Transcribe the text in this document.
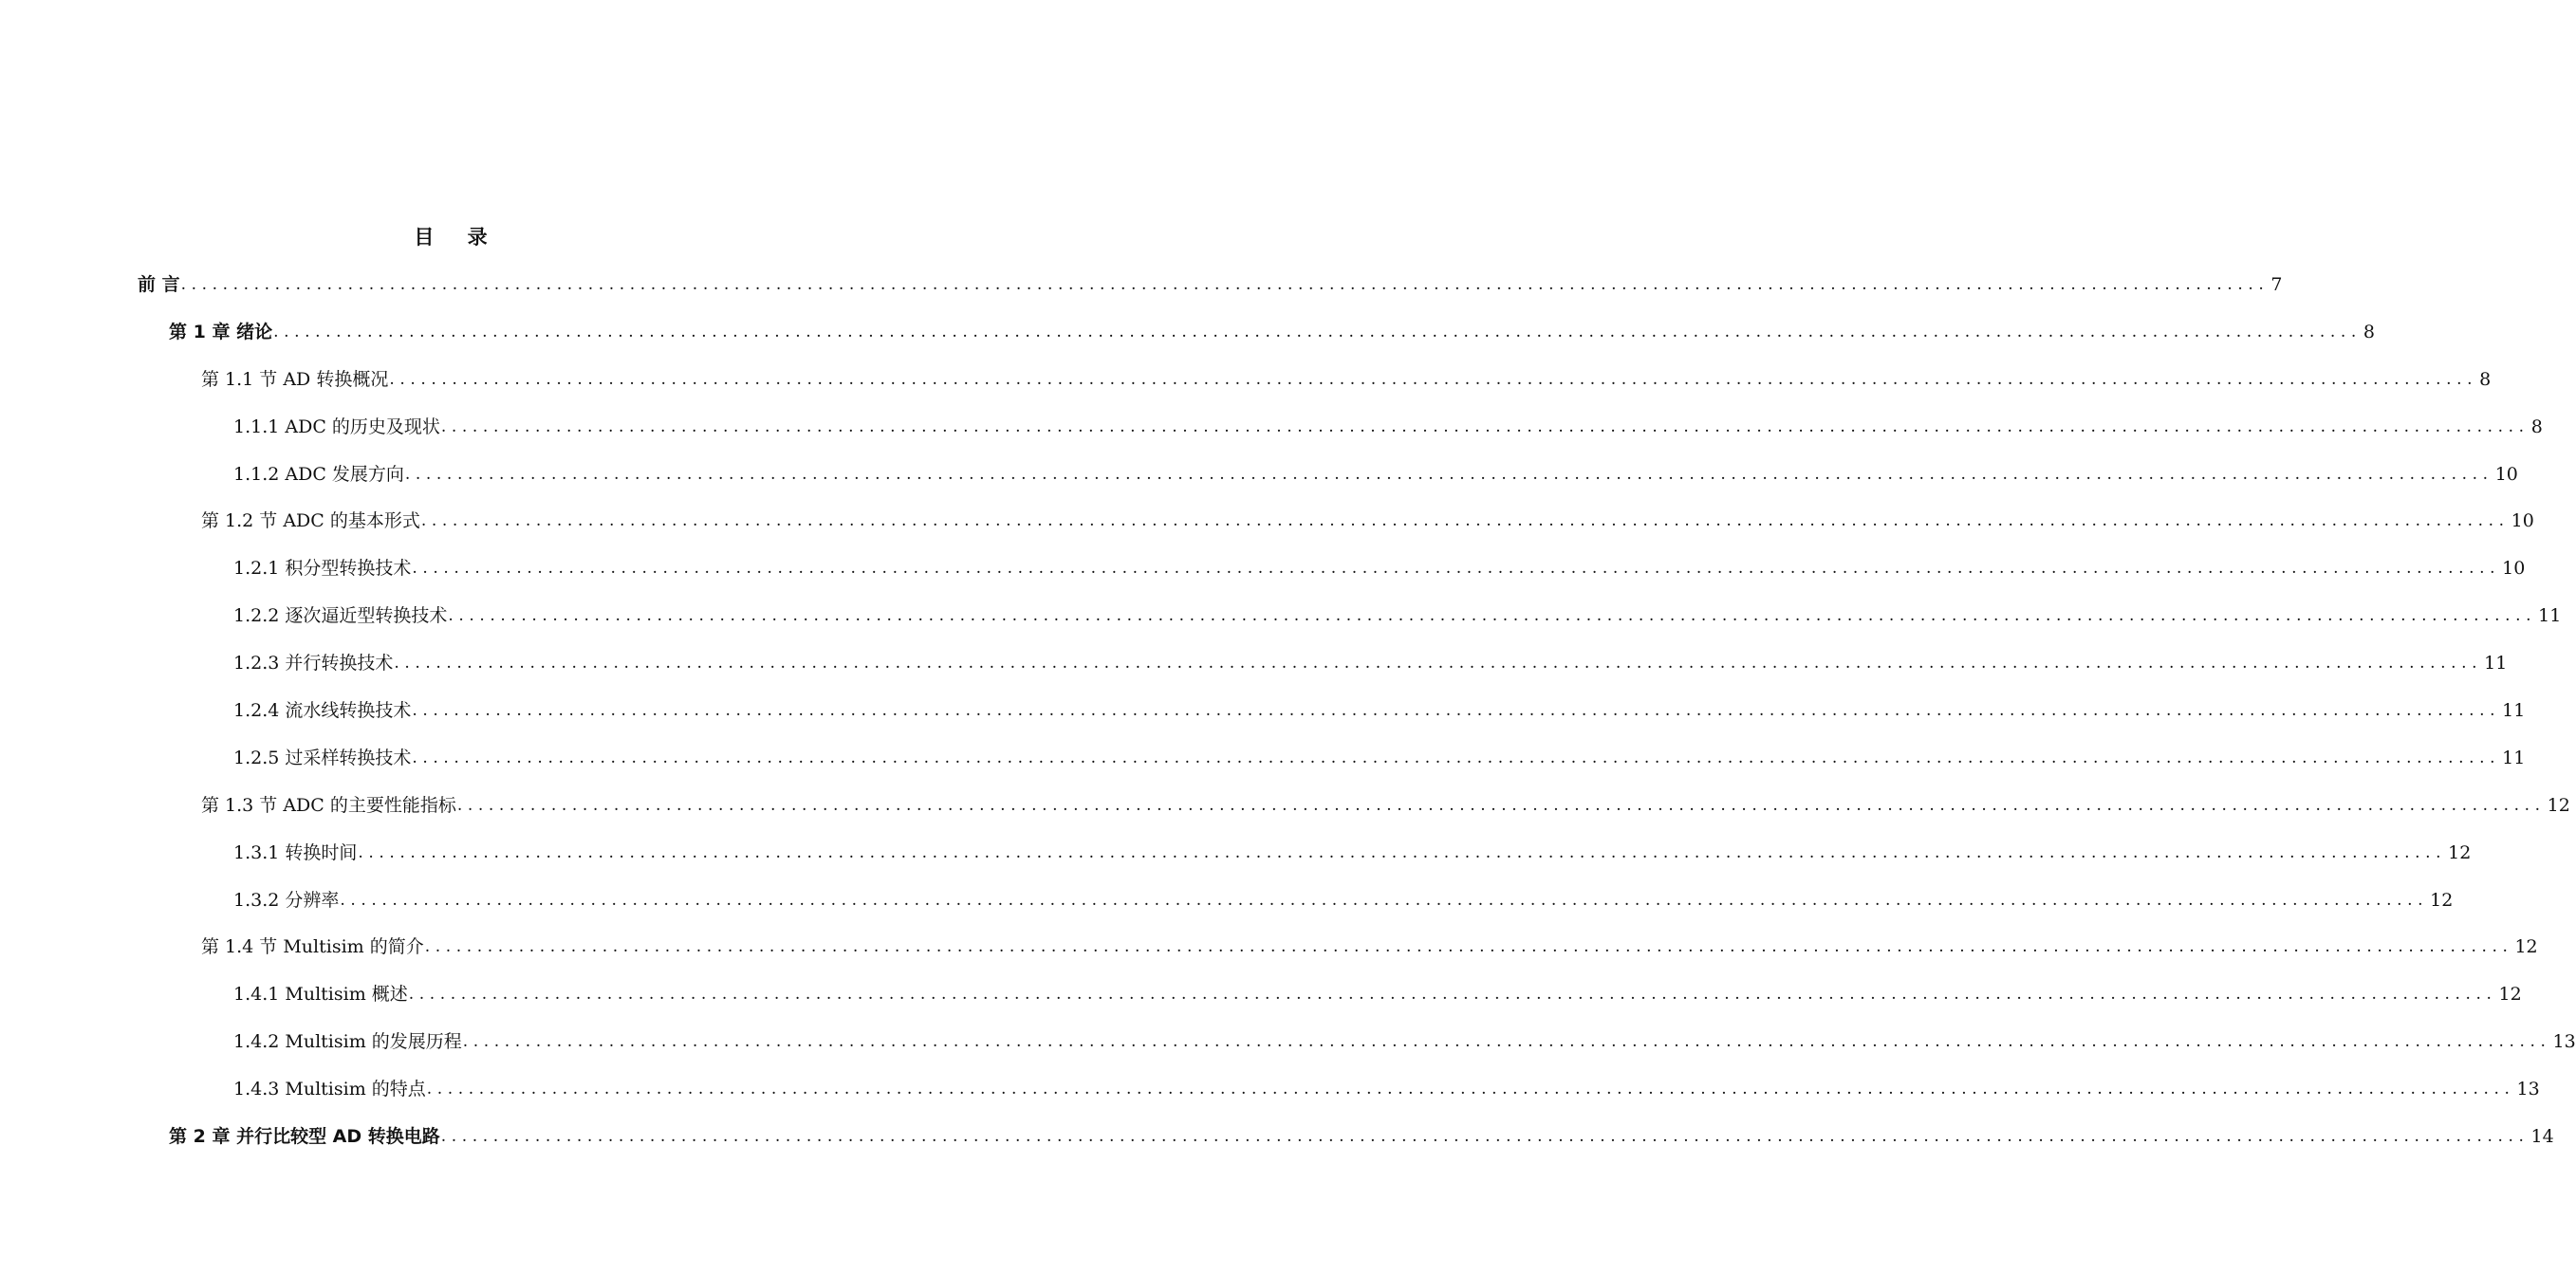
目 录
前 言 ........................................................................................................................................................................................................ 7
第 1 章 绪论 ........................................................................................................................................................................................................ 8
第 1.1 节 AD 转换概况 ........................................................................................................................................................................................................ 8
1.1.1 ADC 的历史及现状 ........................................................................................................................................................................................................ 8
1.1.2 ADC 发展方向 ........................................................................................................................................................................................................ 10
第 1.2 节 ADC 的基本形式 ........................................................................................................................................................................................................ 10
1.2.1 积分型转换技术 ........................................................................................................................................................................................................ 10
1.2.2 逐次逼近型转换技术 ........................................................................................................................................................................................................ 11
1.2.3 并行转换技术 ........................................................................................................................................................................................................ 11
1.2.4 流水线转换技术 ........................................................................................................................................................................................................ 11
1.2.5 过采样转换技术 ........................................................................................................................................................................................................ 11
第 1.3 节 ADC 的主要性能指标 ........................................................................................................................................................................................................ 12
1.3.1 转换时间 ........................................................................................................................................................................................................ 12
1.3.2 分辨率 ........................................................................................................................................................................................................ 12
第 1.4 节 Multisim 的简介 ........................................................................................................................................................................................................ 12
1.4.1 Multisim 概述 ........................................................................................................................................................................................................ 12
1.4.2 Multisim 的发展历程 ........................................................................................................................................................................................................ 13
1.4.3 Multisim 的特点 ........................................................................................................................................................................................................ 13
第 2 章 并行比较型 AD 转换电路 ........................................................................................................................................................................................................ 14
